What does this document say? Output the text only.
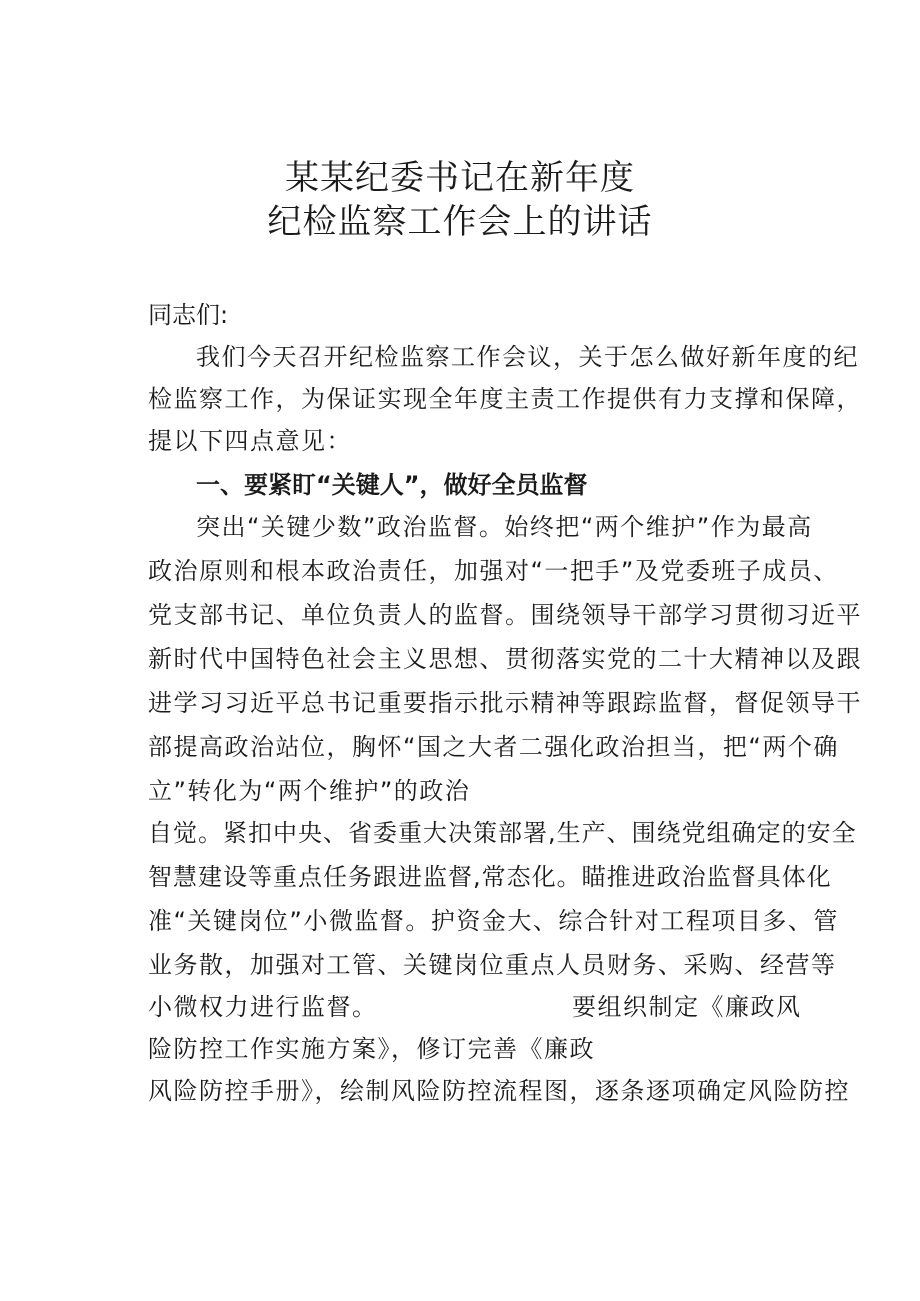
某某纪委书记在新年度
纪检监察工作会上的讲话
同志们:
我们今天召开纪检监察工作会议，关于怎么做好新年度的纪
检监察工作，为保证实现全年度主责工作提供有力支撑和保障，
提以下四点意见：
一、要紧盯“关键人”，做好全员监督
突出“关键少数”政治监督。始终把“两个维护”作为最高
政治原则和根本政治责任，加强对“一把手”及党委班子成员、
党支部书记、单位负责人的监督。围绕领导干部学习贯彻习近平
新时代中国特色社会主义思想、贯彻落实党的二十大精神以及跟
进学习习近平总书记重要指示批示精神等跟踪监督，督促领导干
部提高政治站位，胸怀“国之大者二强化政治担当，把“两个确
立”转化为“两个维护”的政治
自觉。紧扣中央、省委重大决策部署,生产、围绕党组确定的安全
智慧建设等重点任务跟进监督,常态化。瞄推进政治监督具体化
准“关键岗位”小微监督。护资金大、综合针对工程项目多、管
业务散，加强对工管、关键岗位重点人员财务、采购、经营等
小微权力进行监督。	要组织制定《廉政风
险防控工作实施方案》，修订完善《廉政
风险防控手册》，绘制风险防控流程图，逐条逐项确定风险防控
